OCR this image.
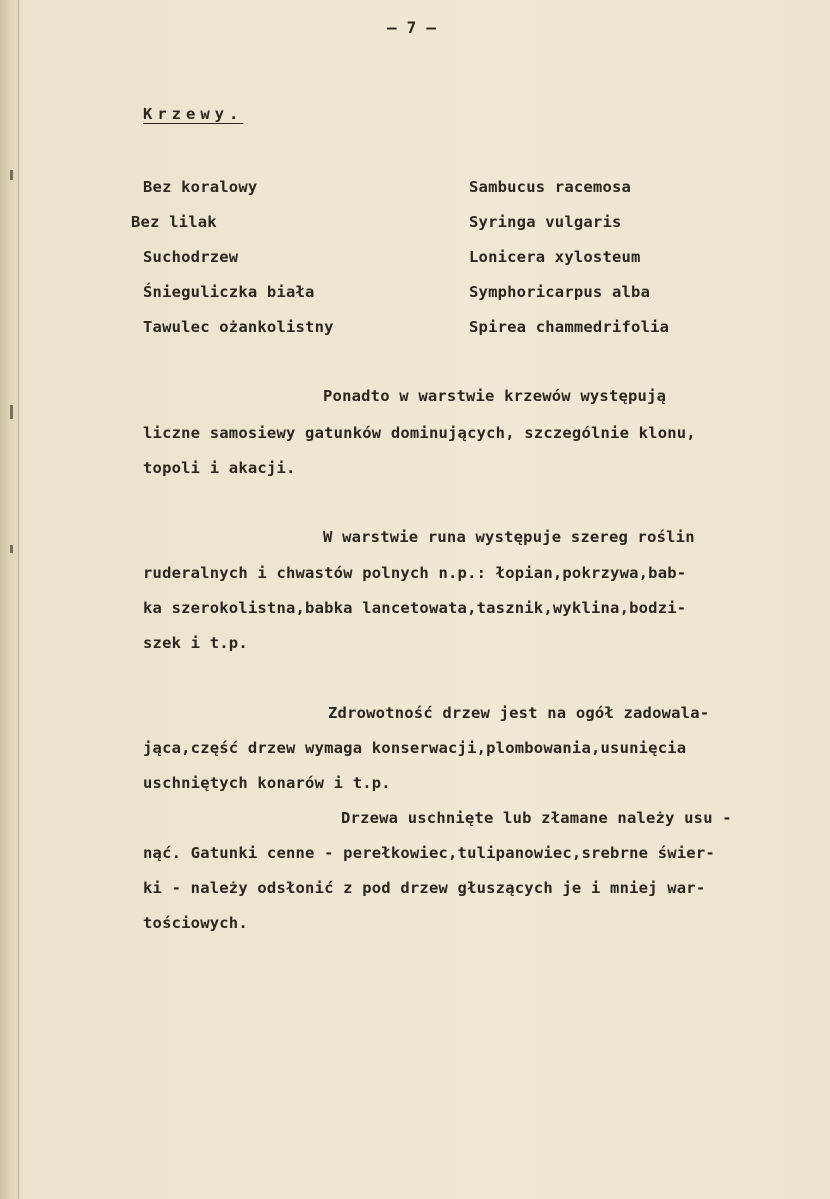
— 7 —
Krzewy.
Bez koralowy	Sambucus racemosa
Bez lilak	Syringa vulgaris
Suchodrzew	Lonicera xylosteum
Śnieguliczka biała	Symphoricarpus alba
Tawulec ożankolistny	Spirea chammedrifolia
Ponadto w warstwie krzewów występują
liczne samosiewy gatunków dominujących, szczególnie klonu,
topoli i akacji.
W warstwie runa występuje szereg roślin
ruderalnych i chwastów polnych n.p.: łopian,pokrzywa,bab-
ka szerokolistna,babka lancetowata,tasznik,wyklina,bodzi-
szek i t.p.
Zdrowotność drzew jest na ogół zadowala-
jąca,część drzew wymaga konserwacji,plombowania,usunięcia
uschniętych konarów i t.p.
Drzewa uschnięte lub złamane należy usu -
nąć. Gatunki cenne - perełkowiec,tulipanowiec,srebrne świer-
ki - należy odsłonić z pod drzew głuszących je i mniej war-
tościowych.
